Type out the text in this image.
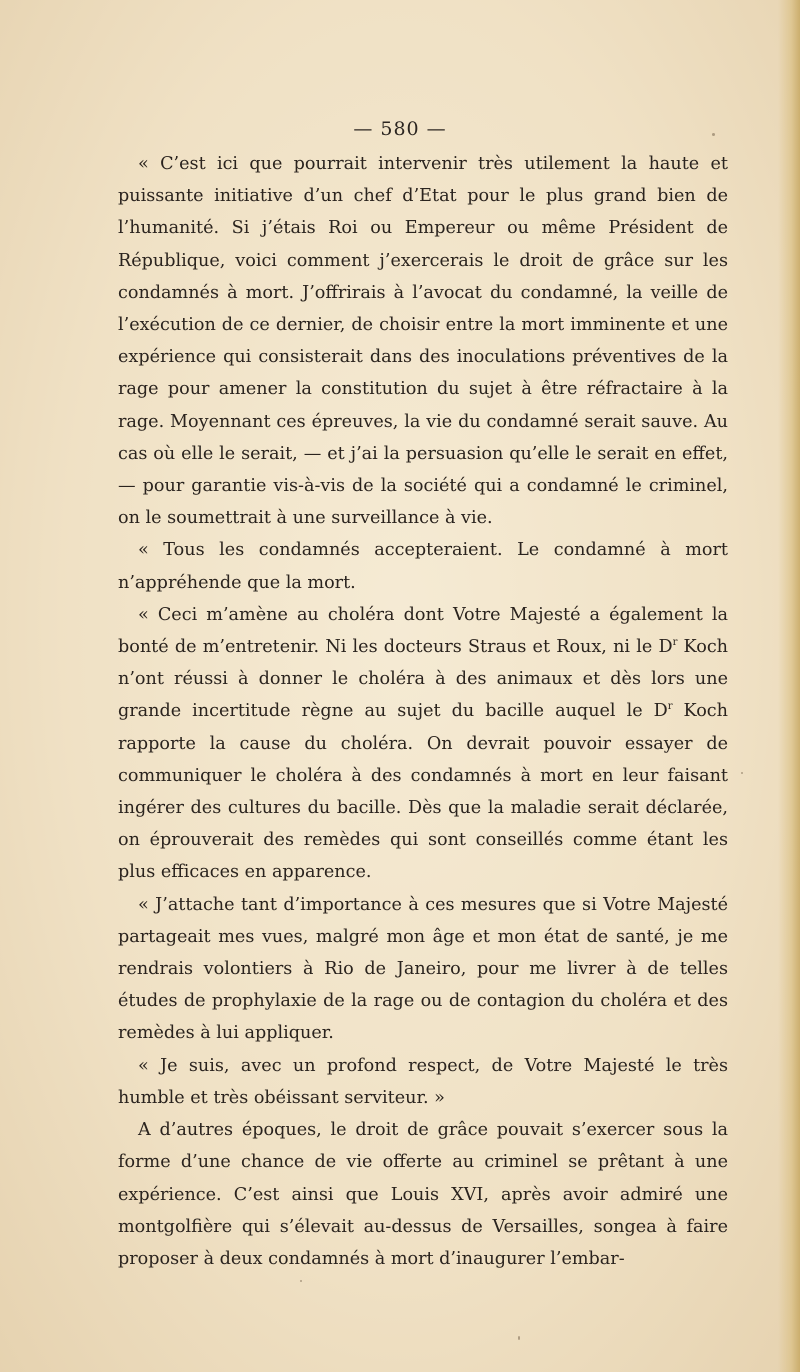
— 580 —

« C’est ici que pourrait intervenir très utilement la haute et puissante initiative d’un chef d’Etat pour le plus grand bien de l’humanité. Si j’étais Roi ou Empereur ou même Président de République, voici comment j’exercerais le droit de grâce sur les condamnés à mort. J’offrirais à l’avocat du condamné, la veille de l’exécution de ce dernier, de choisir entre la mort imminente et une expérience qui consisterait dans des inoculations préventives de la rage pour amener la constitution du sujet à être réfractaire à la rage. Moyennant ces épreuves, la vie du condamné serait sauve. Au cas où elle le serait, — et j’ai la persuasion qu’elle le serait en effet, — pour garantie vis-à-vis de la société qui a condamné le criminel, on le soumettrait à une surveillance à vie.

« Tous les condamnés accepteraient. Le condamné à mort n’appréhende que la mort.

« Ceci m’amène au choléra dont Votre Majesté a également la bonté de m’entretenir. Ni les docteurs Straus et Roux, ni le $D^r$ Koch n’ont réussi à donner le choléra à des animaux et dès lors une grande incertitude règne au sujet du bacille auquel le $D^r$ Koch rapporte la cause du choléra. On devrait pouvoir essayer de communiquer le choléra à des condamnés à mort en leur faisant ingérer des cultures du bacille. Dès que la maladie serait déclarée, on éprouverait des remèdes qui sont conseillés comme étant les plus efficaces en apparence.

« J’attache tant d’importance à ces mesures que si Votre Majesté partageait mes vues, malgré mon âge et mon état de santé, je me rendrais volontiers à Rio de Janeiro, pour me livrer à de telles études de prophylaxie de la rage ou de contagion du choléra et des remèdes à lui appliquer.

« Je suis, avec un profond respect, de Votre Majesté le très humble et très obéissant serviteur. »

A d’autres époques, le droit de grâce pouvait s’exercer sous la forme d’une chance de vie offerte au criminel se prêtant à une expérience. C’est ainsi que Louis XVI, après avoir admiré une montgolfière qui s’élevait au-dessus de Versailles, songea à faire proposer à deux condamnés à mort d’inaugurer l’embar-
